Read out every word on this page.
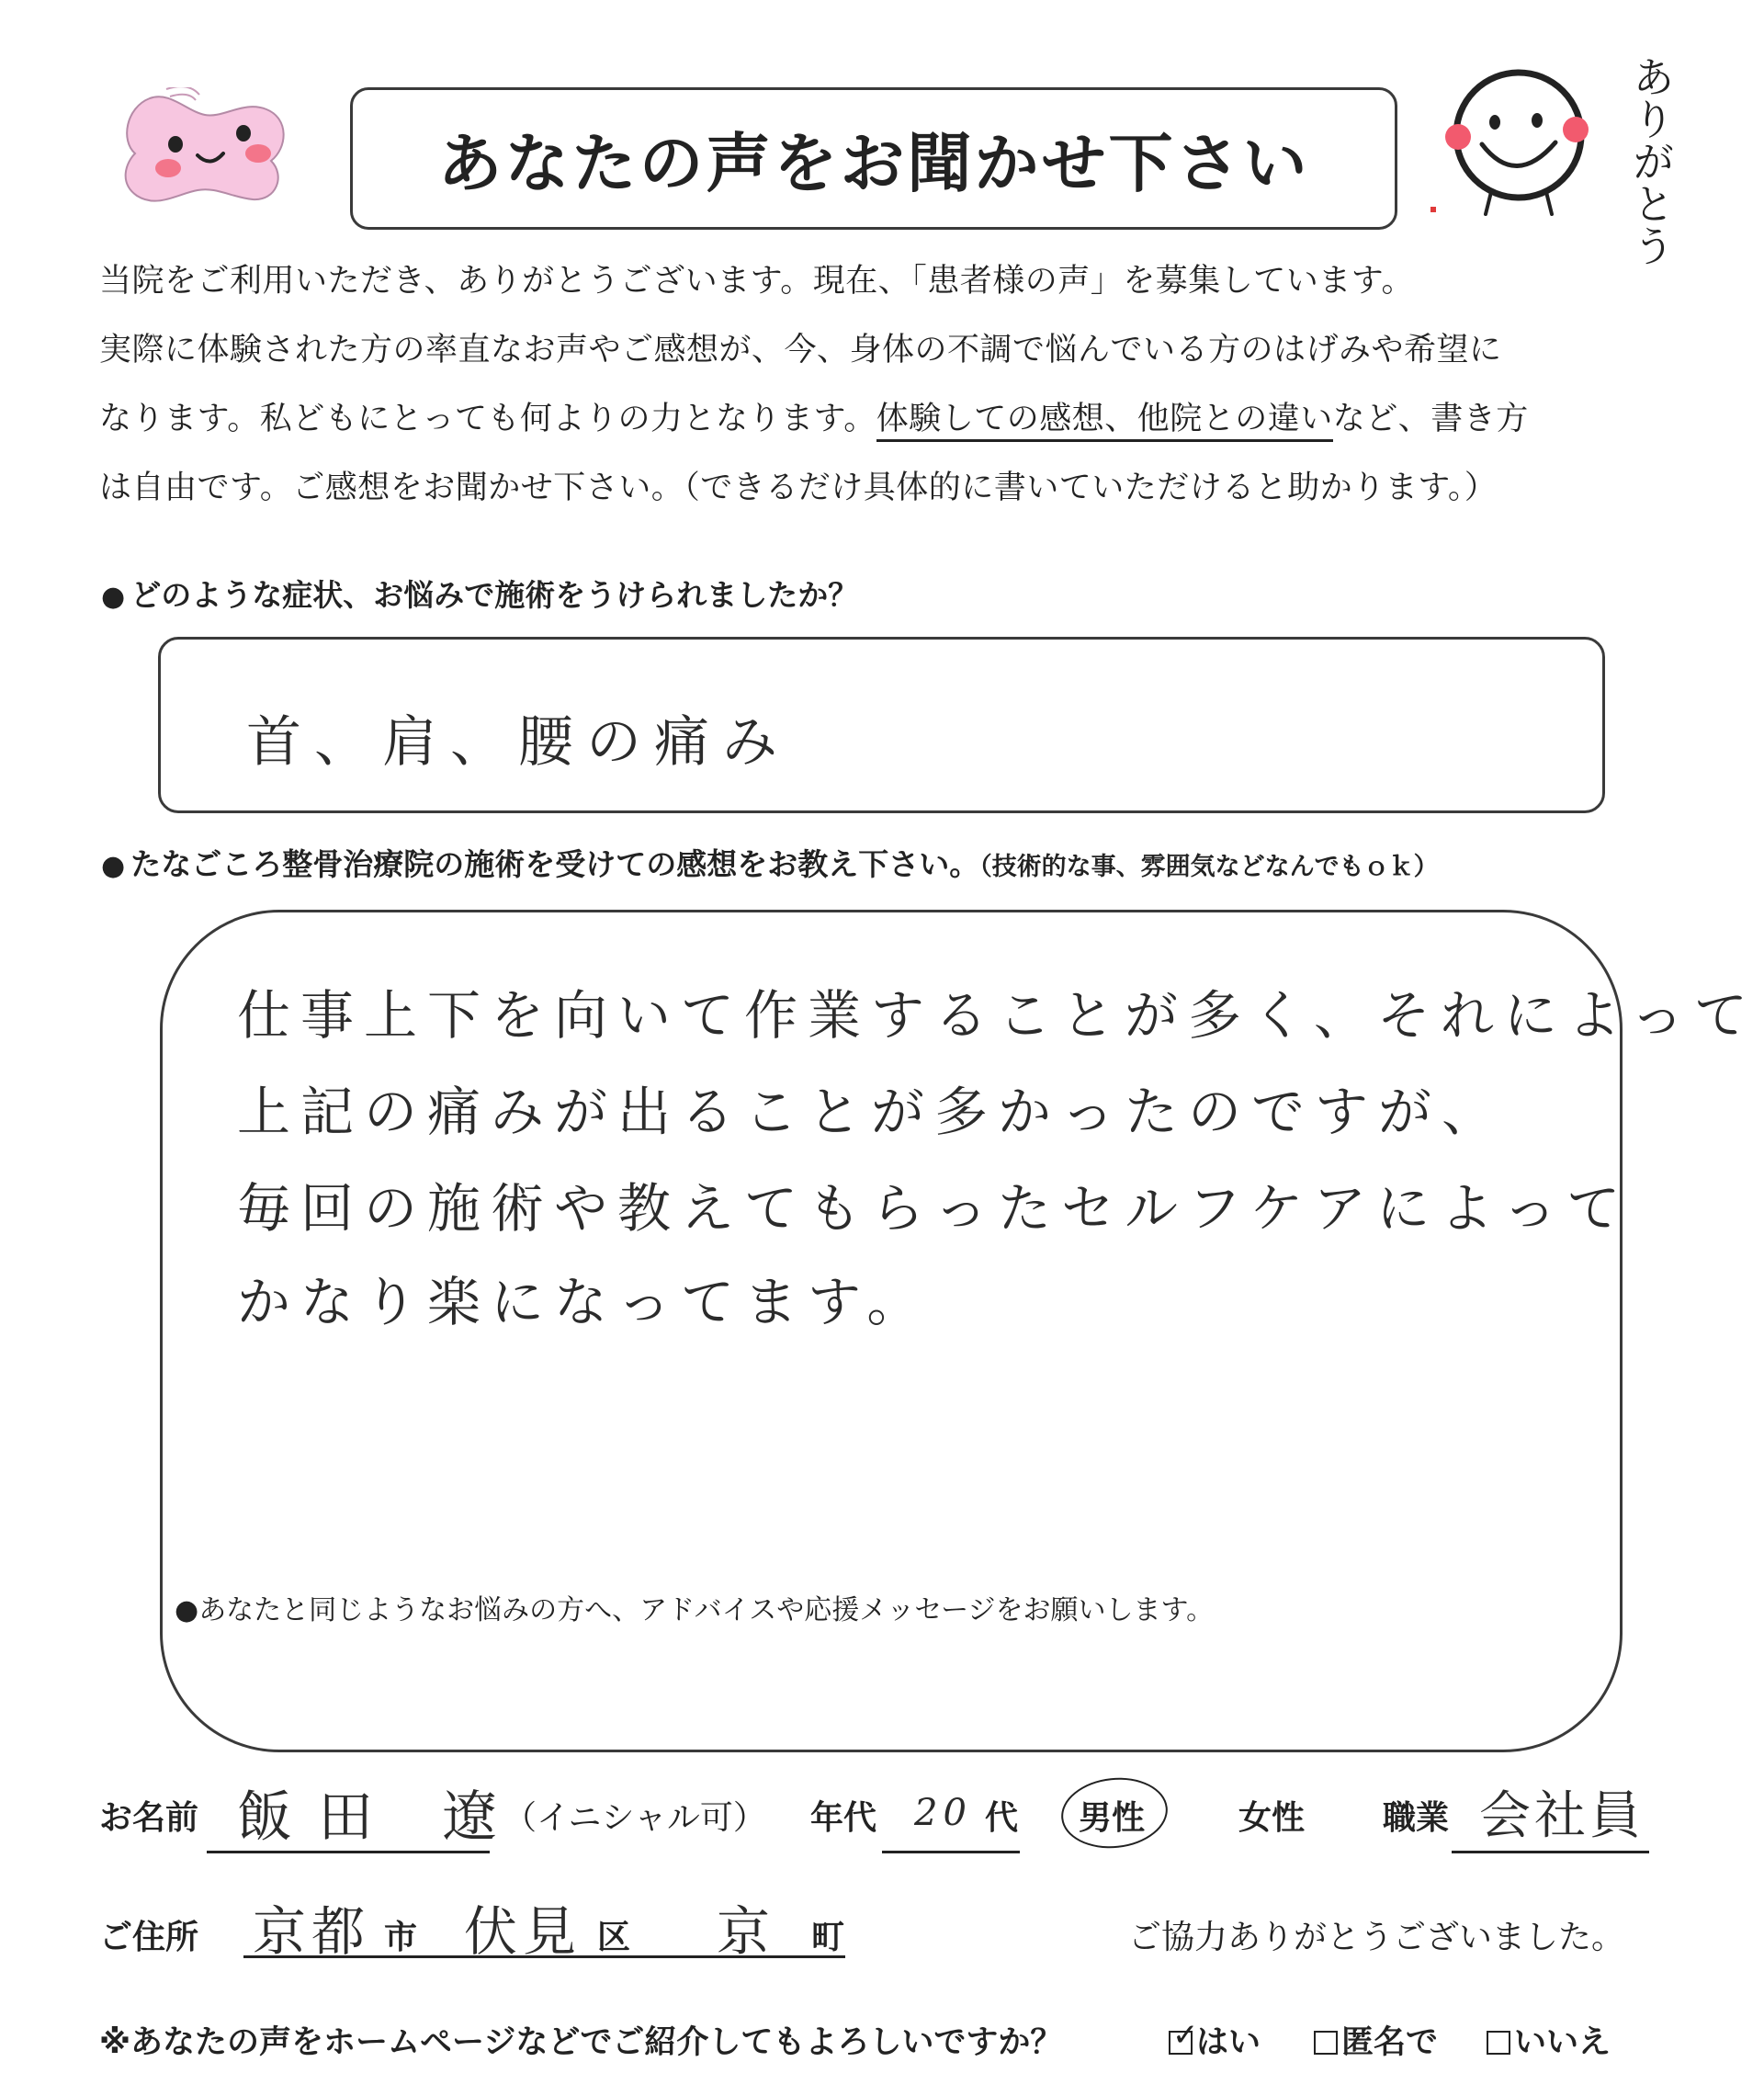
あなたの声をお聞かせ下さい	ありがとう
当院をご利用いただき、ありがとうございます。現在、「患者様の声」を募集しています。
実際に体験された方の率直なお声やご感想が、今、身体の不調で悩んでいる方のはげみや希望に
なります。私どもにとっても何よりの力となります。体験しての感想、他院との違いなど、書き方
は自由です。ご感想をお聞かせ下さい。（できるだけ具体的に書いていただけると助かります。）
● どのような症状、お悩みで施術をうけられましたか？
首、肩、腰の痛み
● たなごころ整骨治療院の施術を受けての感想をお教え下さい。（技術的な事、雰囲気などなんでもｏｋ）
仕事上下を向いて作業することが多く、それによって
上記の痛みが出ることが多かったのですが、
毎回の施術や教えてもらったセルフケアによって
かなり楽になってます。
●あなたと同じようなお悩みの方へ、アドバイスや応援メッセージをお願いします。
お名前 飯田 遼
（イニシャル可） 年代 20 代 男性	女性 職業 会社員
ご住所 京都 市 伏見 区 京 町	ご協力ありがとうございました。
※あなたの声をホームページなどでご紹介してもよろしいですか？	✓
はい	匿名で	いいえ
